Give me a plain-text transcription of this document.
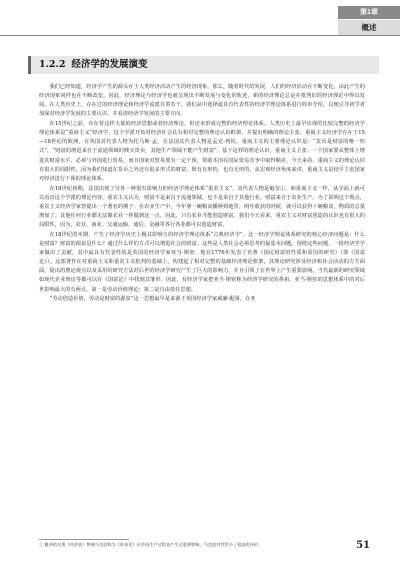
第1章
概述
1.2.2 经济学的发展演变

我们已经知道，经济学产生的源头在于人类经济活动产生的经济现象。那么，随着时代的发展，人们的经济活动在不断变化，由此产生的经济现象同样也在不断改变。因此，经济理论与经济学也就呈现出不断发展与变化的轨迹，新的经济理论总是在批判旧的经济理论中得以发展。在人类历史上，存在过的经济理论和经济学流派有着若干，我们从中选择最具有代表性的经济学理论体系进行简单介绍，以便引导初学者加深对经济学发展的主要认识，并看清经济学发展的主要方向。

在15世纪之前，存在着这样大量的经济思想或者经济理论，但还未形成完整的经济理论体系。人类历史上最早出现的比较完整的经济学理论体系是“重商主义”经济学，这个学派开始对经济社会具有相对完整的理论认识框架，并提出明确的理论主张。重商主义经济学存在于15—18世纪的欧洲，在英国其代表人物为托马斯·孟，在法国其代表人物是孟克·列钦。重商主义的主要理论认识是：“货币是财富的唯一形式”，“财富的增进来自于流通领域的贱买贵卖，其他生产领域不能产生财富”。基于这样的理论认识，重商主义主张：一个国家要从整体上增进其财富水平，必须与外国进行贸易，而且国家对贸易要有一定干预，帮助本国在国际贸易竞争中取得顺差，今天来看，重商主义的理论认识有很大的局限性，因为我们知道在货币之外还有很多形式的财富，既有有形的，也有无形的，从宏观经济角度来讲，重商主义是较早主张国家对经济进行干预的理论体系。

在18世纪初期，法国出现了另外一种很有影响力的经济学理论体系“重农主义”，其代表人物是魁奈①。和重商主义一样，从字面上就可以看出这个学派的理论内容，重农主义认为，财富不是来自于流通领域，也不是来自于其他行业，财富来自于农业生产。为了说明这个观点，重农主义经济学家曾提出一个著名的例子：在农业生产中，今年拿一碗粮食播种到地里，明年收获的时候，就可以获得十碗粮食，物质的总量增加了。其他任何行业都无法像农业一样做到这一点。因此，只有农业才能创造财富。我们今天看来，重农主义对财富创造的认识也有很大的局限性，因为，农业、商业、交通运输、通信、金融等各行各业都可以创造财富。

在18世纪的末期，产生了经济学历史上极其影响力的经济学理论体系“古典经济学”。这一经济学理论体系研究的核心经济问题是：什么是财富？财富的源泉是什么？通过什么样的方式可以增进社会的财富。这些是人类社会必须思考的最基本问题。围绕这些问题，一批经济学学家做出了贡献，其中最具有代表性的是英国的经济学家亚当·斯密，他在1776年发表了名著《国民财富的性质和原因的研究》（即《国富论》）。这部著作在对重商主义和重农主义批判的基础上，构建起了相对完整的基础经济理论框架，其理论研究涉及经济和社会活动的方方面面，提出的理论观点以及采用的研究方法对后世的经济学研究产生了巨大的影响力，并且引领了在世界上产生重要影响。当代最新的研究领域如现代企业理论等都可以在《国富论》中找到其雏形。因此，有经济学家把亚当·斯密称为经济学研究的鼻祖，亚当·斯密的思想体系中的对后世影响最大的有两点，第一是劳动价值理论；第二是自由放任思想。

“劳动创造价值，劳动是财富的源泉”这一思想最早是来源于英国经济学家威廉·配第，在亚

① 魁奈的名著《经济表》曾被马克思称为《资本论》社会再生产过程表产生过重要影响，马克思对其给予了很高的评价。	51
